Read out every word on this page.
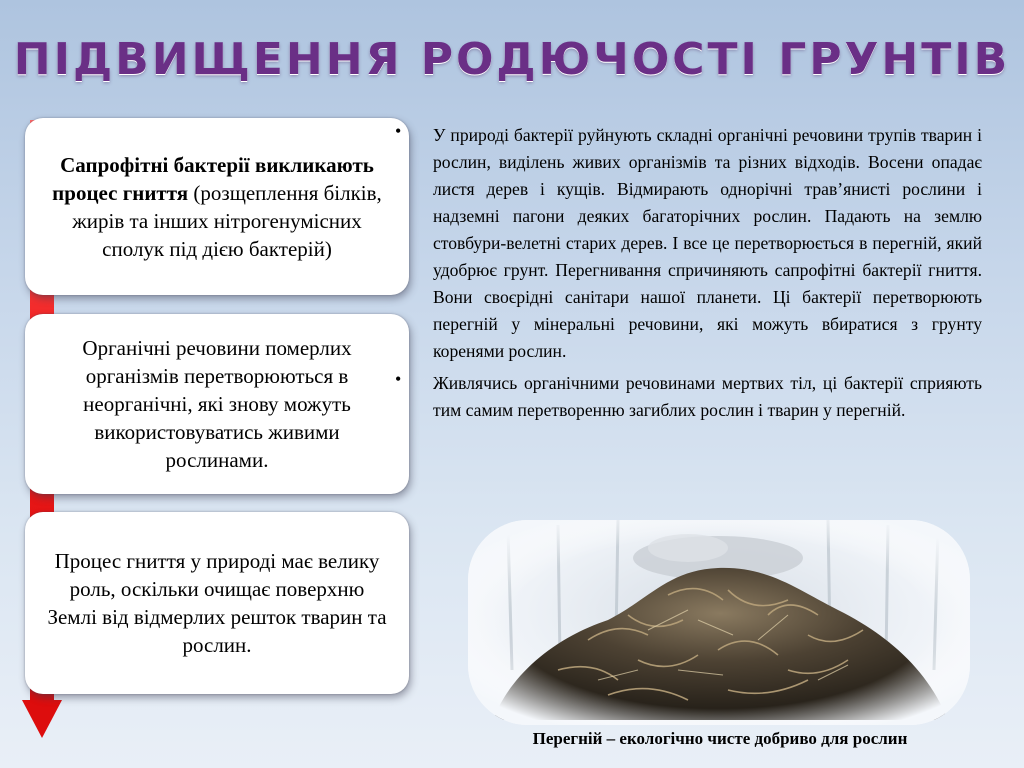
ПІДВИЩЕННЯ РОДЮЧОСТІ ГРУНТІВ

Сапрофітні бактерії викликають процес гниття (розщеплення білків, жирів та інших нітрогенумісних сполук під дією бактерій)

Органічні речовини померлих організмів перетворюються в неорганічні, які знову можуть використовуватись живими рослинами.

Процес гниття у природі має велику роль, оскільки очищає поверхню Землі від відмерлих решток тварин та рослин.

• У природі бактерії руйнують складні органічні речовини трупів тварин і рослин, виділень живих організмів та різних відходів. Восени опадає листя дерев і кущів. Відмирають однорічні трав’янисті рослини і надземні пагони деяких багаторічних рослин. Падають на землю стовбури-велетні старих дерев. І все це перетворюється в перегній, який удобрює грунт. Перегнивання спричиняють сапрофітні бактерії гниття. Вони своєрідні санітари нашої планети. Ці бактерії перетворюють перегній у мінеральні речовини, які можуть вбиратися з грунту коренями рослин.
• Живлячись органічними речовинами мертвих тіл, ці бактерії сприяють тим самим перетворенню загиблих рослин і тварин у перегній.
Перегній – екологічно чисте добриво для рослин
